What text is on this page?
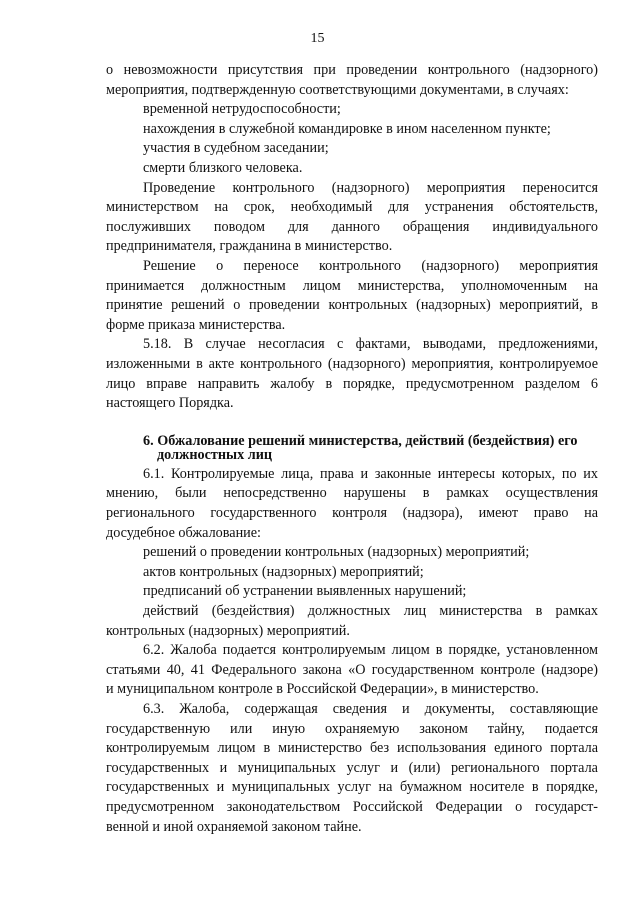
15

о невозможности присутствия при проведении контрольного (надзорного)

мероприятия, подтвержденную соответствующими документами, в случаях:

временной нетрудоспособности;

нахождения в служебной командировке в ином населенном пункте;

участия в судебном заседании;

смерти близкого человека.

Проведение контрольного (надзорного) мероприятия переносится

министерством на срок, необходимый для устранения обстоятельств,

послуживших поводом для данного обращения индивидуального

предпринимателя, гражданина в министерство.

Решение о переносе контрольного (надзорного) мероприятия

принимается должностным лицом министерства, уполномоченным на

принятие решений о проведении контрольных (надзорных) мероприятий, в

форме приказа министерства.

5.18. В случае несогласия с фактами, выводами, предложениями,

изложенными в акте контрольного (надзорного) мероприятия, контролируемое

лицо вправе направить жалобу в порядке, предусмотренном разделом 6

настоящего Порядка.

6. Обжалование решений министерства, действий (бездействия) его
должностных лиц

6.1. Контролируемые лица, права и законные интересы которых, по их

мнению, были непосредственно нарушены в рамках осуществления

регионального государственного контроля (надзора), имеют право на

досудебное обжалование:

решений о проведении контрольных (надзорных) мероприятий;

актов контрольных (надзорных) мероприятий;

предписаний об устранении выявленных нарушений;

действий (бездействия) должностных лиц министерства в рамках

контрольных (надзорных) мероприятий.

6.2. Жалоба подается контролируемым лицом в порядке, установленном

статьями 40, 41 Федерального закона «О государственном контроле (надзоре)

и муниципальном контроле в Российской Федерации», в министерство.

6.3. Жалоба, содержащая сведения и документы, составляющие

государственную или иную охраняемую законом тайну, подается

контролируемым лицом в министерство без использования единого портала

государственных и муниципальных услуг и (или) регионального портала

государственных и муниципальных услуг на бумажном носителе в порядке,

предусмотренном законодательством Российской Федерации о государст-

венной и иной охраняемой законом тайне.
